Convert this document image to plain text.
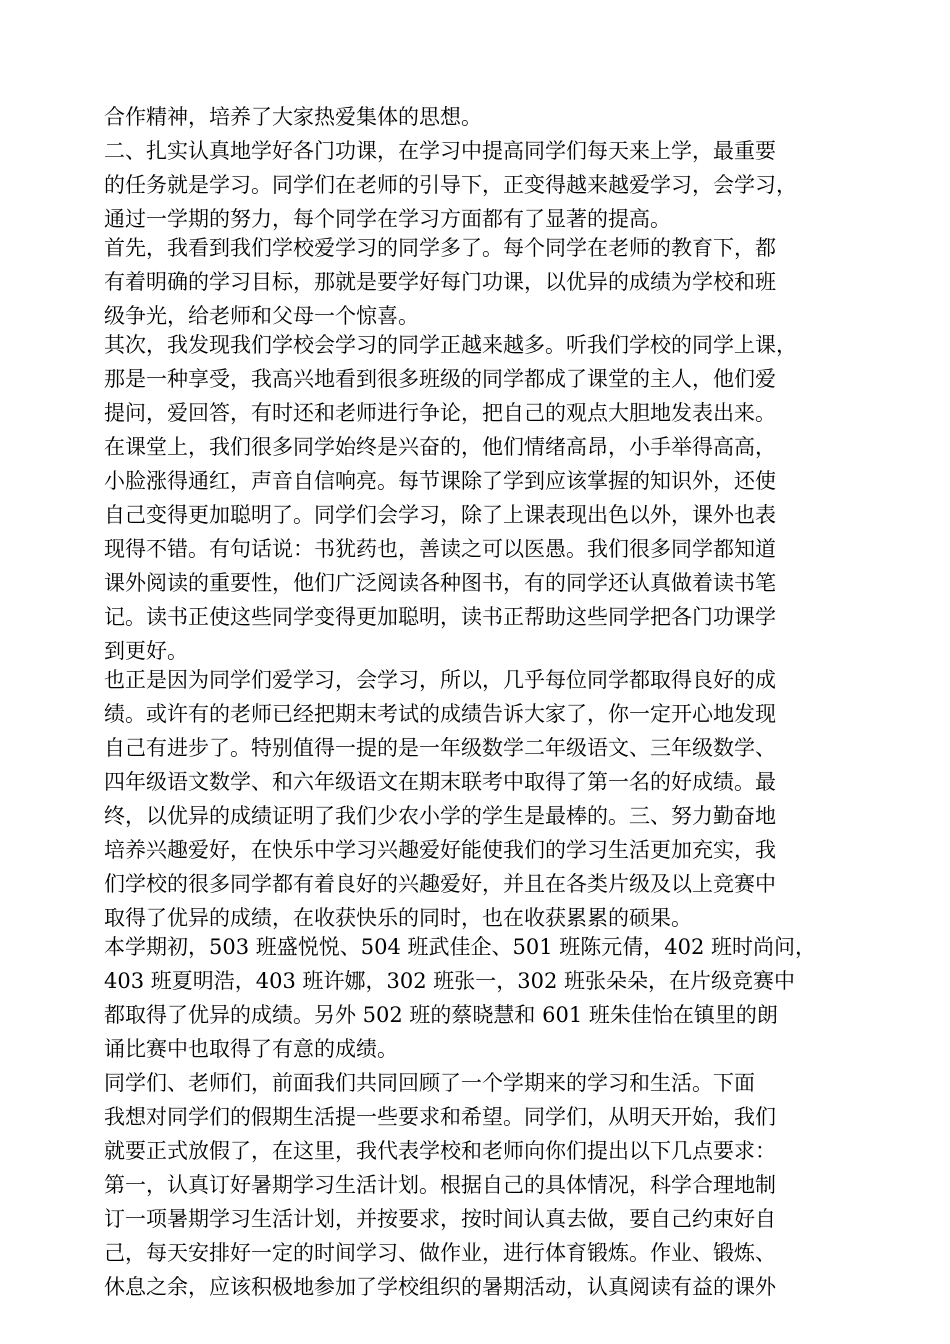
合作精神，培养了大家热爱集体的思想。
二、扎实认真地学好各门功课，在学习中提高同学们每天来上学，最重要
的任务就是学习。同学们在老师的引导下，正变得越来越爱学习，会学习，
通过一学期的努力，每个同学在学习方面都有了显著的提高。
首先，我看到我们学校爱学习的同学多了。每个同学在老师的教育下，都
有着明确的学习目标，那就是要学好每门功课，以优异的成绩为学校和班
级争光，给老师和父母一个惊喜。
其次，我发现我们学校会学习的同学正越来越多。听我们学校的同学上课，
那是一种享受，我高兴地看到很多班级的同学都成了课堂的主人，他们爱
提问，爱回答，有时还和老师进行争论，把自己的观点大胆地发表出来。
在课堂上，我们很多同学始终是兴奋的，他们情绪高昂，小手举得高高，
小脸涨得通红，声音自信响亮。每节课除了学到应该掌握的知识外，还使
自己变得更加聪明了。同学们会学习，除了上课表现出色以外，课外也表
现得不错。有句话说：书犹药也，善读之可以医愚。我们很多同学都知道
课外阅读的重要性，他们广泛阅读各种图书，有的同学还认真做着读书笔
记。读书正使这些同学变得更加聪明，读书正帮助这些同学把各门功课学
到更好。
也正是因为同学们爱学习，会学习，所以，几乎每位同学都取得良好的成
绩。或许有的老师已经把期末考试的成绩告诉大家了，你一定开心地发现
自己有进步了。特别值得一提的是一年级数学二年级语文、三年级数学、
四年级语文数学、和六年级语文在期末联考中取得了第一名的好成绩。最
终，以优异的成绩证明了我们少农小学的学生是最棒的。三、努力勤奋地
培养兴趣爱好，在快乐中学习兴趣爱好能使我们的学习生活更加充实，我
们学校的很多同学都有着良好的兴趣爱好，并且在各类片级及以上竞赛中
取得了优异的成绩，在收获快乐的同时，也在收获累累的硕果。
本学期初，503 班盛悦悦、504 班武佳企、501 班陈元倩，402 班时尚问，
403 班夏明浩，403 班许娜，302 班张一，302 班张朵朵，在片级竞赛中
都取得了优异的成绩。另外 502 班的蔡晓慧和 601 班朱佳怡在镇里的朗
诵比赛中也取得了有意的成绩。
同学们、老师们，前面我们共同回顾了一个学期来的学习和生活。下面
我想对同学们的假期生活提一些要求和希望。同学们，从明天开始，我们
就要正式放假了，在这里，我代表学校和老师向你们提出以下几点要求：
第一，认真订好暑期学习生活计划。根据自己的具体情况，科学合理地制
订一项暑期学习生活计划，并按要求，按时间认真去做，要自己约束好自
己，每天安排好一定的时间学习、做作业，进行体育锻炼。作业、锻炼、
休息之余，应该积极地参加了学校组织的暑期活动，认真阅读有益的课外
